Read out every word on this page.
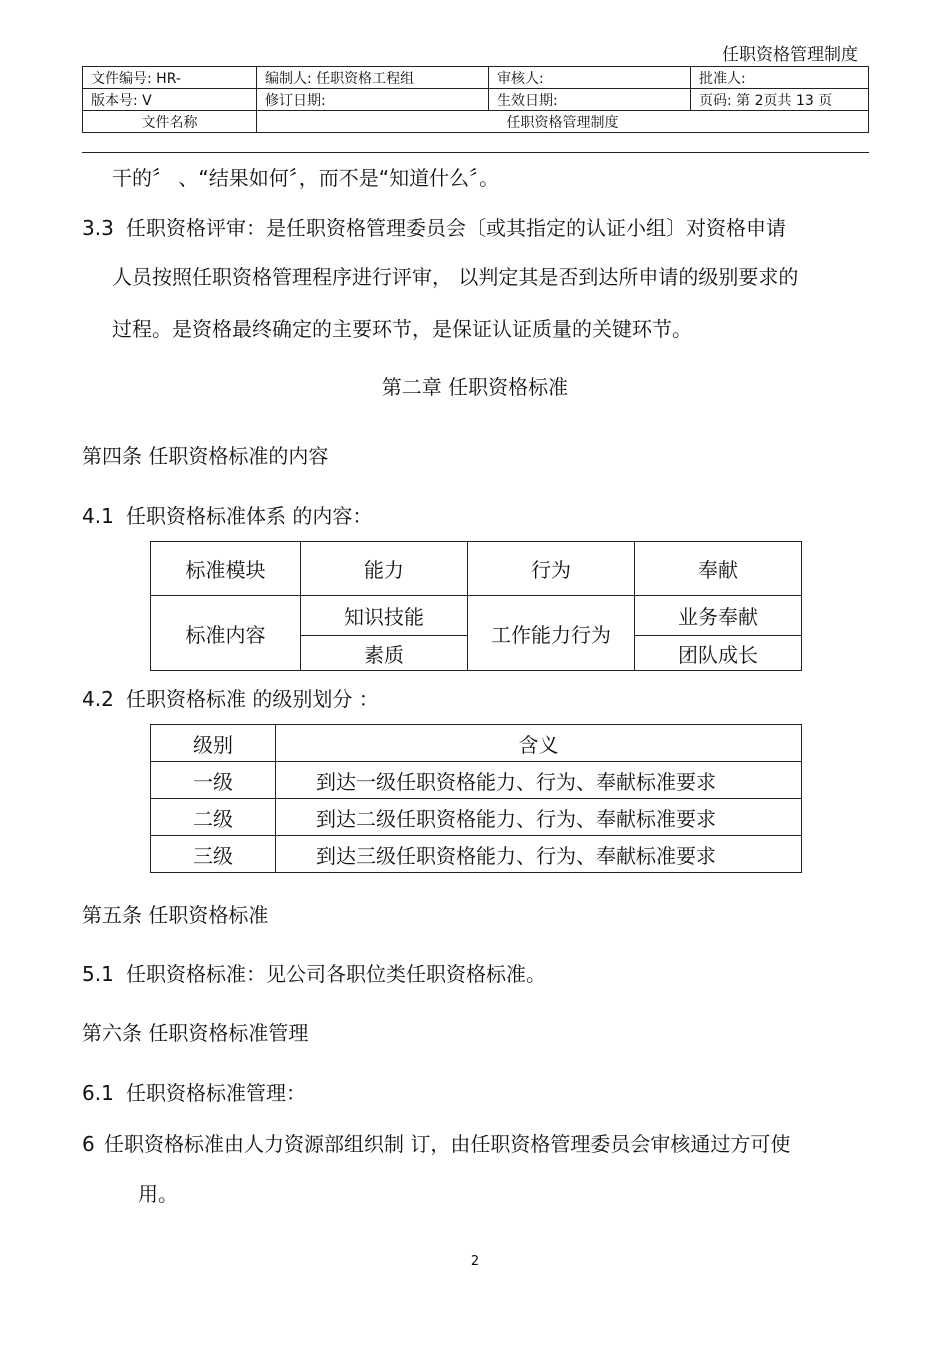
任职资格管理制度
文件编号: HR-	编制人: 任职资格工程组	审核人:	批准人:
版本号: V	修订日期:	生效日期:	页码: 第 2页共 13 页
文件名称	任职资格管理制度		
干的〞 、“结果如何〞，而不是“知道什么〞。
3.3 任职资格评审：是任职资格管理委员会〔或其指定的认证小组〕对资格申请
人员按照任职资格管理程序进行评审， 以判定其是否到达所申请的级别要求的
过程。是资格最终确定的主要环节，是保证认证质量的关键环节。
第二章 任职资格标准
第四条 任职资格标准的内容
4.1 任职资格标准体系 的内容：
标准模块	能力	行为	奉献
标准内容	知识技能	工作能力行为	业务奉献
	素质		团队成长
4.2 任职资格标准 的级别划分 ：
级别	含义
一级	到达一级任职资格能力、行为、奉献标准要求
二级	到达二级任职资格能力、行为、奉献标准要求
三级	到达三级任职资格能力、行为、奉献标准要求
第五条 任职资格标准
5.1 任职资格标准：见公司各职位类任职资格标准。
第六条 任职资格标准管理
6.1 任职资格标准管理：
6 任职资格标准由人力资源部组织制 订，由任职资格管理委员会审核通过方可使
用。
2
